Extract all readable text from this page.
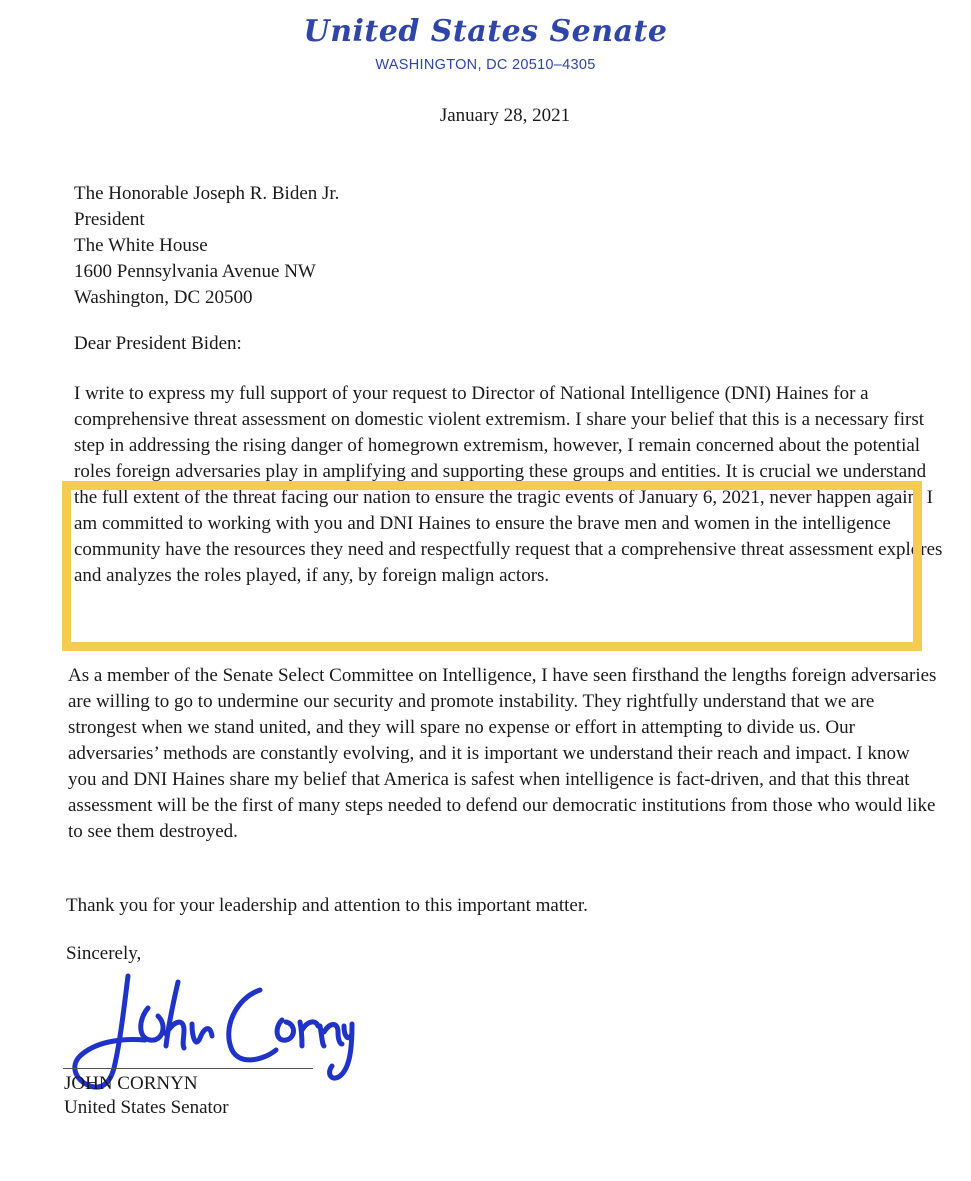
United States Senate
WASHINGTON, DC 20510–4305
January 28, 2021
The Honorable Joseph R. Biden Jr.
President
The White House
1600 Pennsylvania Avenue NW
Washington, DC 20500
Dear President Biden:
I write to express my full support of your request to Director of National Intelligence (DNI) Haines for a comprehensive threat assessment on domestic violent extremism. I share your belief that this is a necessary first step in addressing the rising danger of homegrown extremism, however, I remain concerned about the potential roles foreign adversaries play in amplifying and supporting these groups and entities. It is crucial we understand the full extent of the threat facing our nation to ensure the tragic events of January 6, 2021, never happen again. I am committed to working with you and DNI Haines to ensure the brave men and women in the intelligence community have the resources they need and respectfully request that a comprehensive threat assessment explores and analyzes the roles played, if any, by foreign malign actors.
As a member of the Senate Select Committee on Intelligence, I have seen firsthand the lengths foreign adversaries are willing to go to undermine our security and promote instability. They rightfully understand that we are strongest when we stand united, and they will spare no expense or effort in attempting to divide us. Our adversaries’ methods are constantly evolving, and it is important we understand their reach and impact. I know you and DNI Haines share my belief that America is safest when intelligence is fact-driven, and that this threat assessment will be the first of many steps needed to defend our democratic institutions from those who would like to see them destroyed.
Thank you for your leadership and attention to this important matter.
Sincerely,
JOHN CORNYN
United States Senator
